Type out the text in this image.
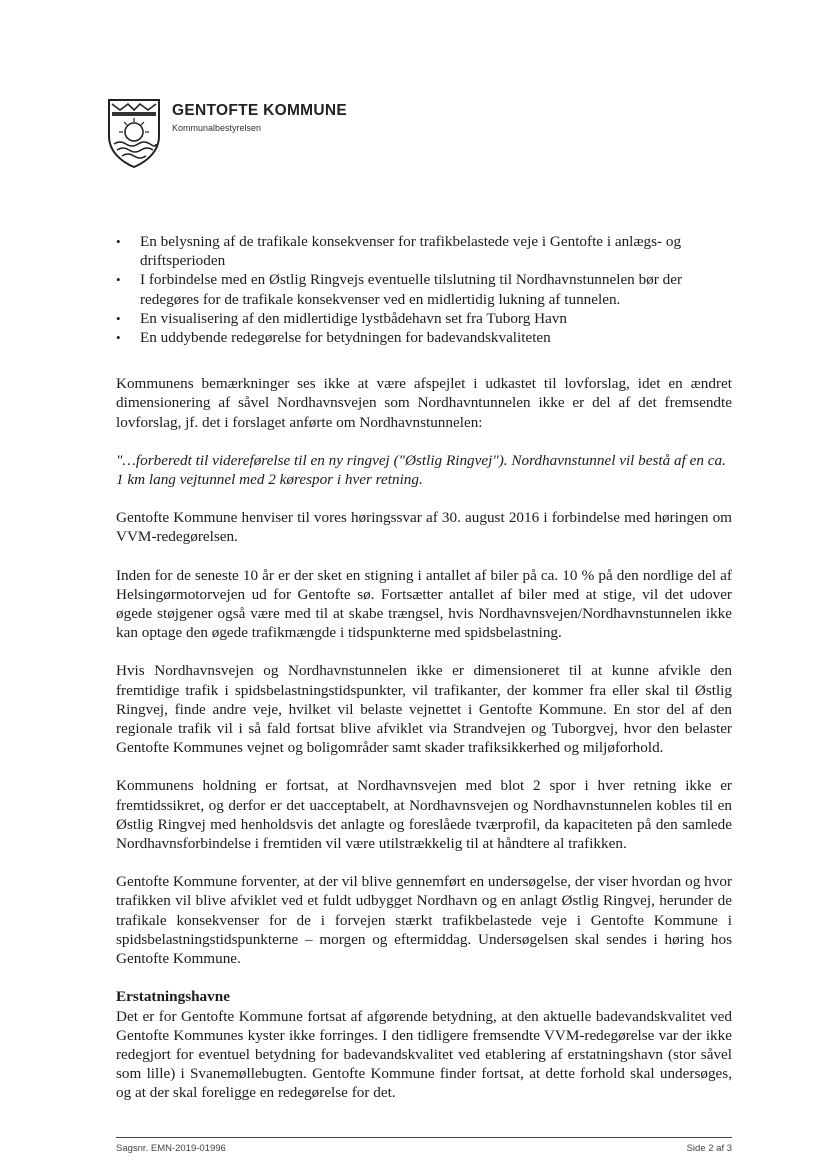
GENTOFTE KOMMUNE
Kommunalbestyrelsen
• En belysning af de trafikale konsekvenser for trafikbelastede veje i Gentofte i anlægs- og driftsperioden
• I forbindelse med en Østlig Ringvejs eventuelle tilslutning til Nordhavnstunnelen bør der redegøres for de trafikale konsekvenser ved en midlertidig lukning af tunnelen.
• En visualisering af den midlertidige lystbådehavn set fra Tuborg Havn
• En uddybende redegørelse for betydningen for badevandskvaliteten

Kommunens bemærkninger ses ikke at være afspejlet i udkastet til lovforslag, idet en ændret dimensionering af såvel Nordhavnsvejen som Nordhavntunnelen ikke er del af det fremsendte lovforslag, jf. det i forslaget anførte om Nordhavnstunnelen:

"…forberedt til videreførelse til en ny ringvej ("Østlig Ringvej"). Nordhavnstunnel vil bestå af en ca. 1 km lang vejtunnel med 2 kørespor i hver retning.

Gentofte Kommune henviser til vores høringssvar af 30. august 2016 i forbindelse med høringen om VVM-redegørelsen.

Inden for de seneste 10 år er der sket en stigning i antallet af biler på ca. 10 % på den nordlige del af Helsingørmotorvejen ud for Gentofte sø. Fortsætter antallet af biler med at stige, vil det udover øgede støjgener også være med til at skabe trængsel, hvis Nordhavnsvejen/Nordhavnstunnelen ikke kan optage den øgede trafikmængde i tidspunkterne med spidsbelastning.

Hvis Nordhavnsvejen og Nordhavnstunnelen ikke er dimensioneret til at kunne afvikle den fremtidige trafik i spidsbelastningstidspunkter, vil trafikanter, der kommer fra eller skal til Østlig Ringvej, finde andre veje, hvilket vil belaste vejnettet i Gentofte Kommune. En stor del af den regionale trafik vil i så fald fortsat blive afviklet via Strandvejen og Tuborgvej, hvor den belaster Gentofte Kommunes vejnet og boligområder samt skader trafiksikkerhed og miljøforhold.

Kommunens holdning er fortsat, at Nordhavnsvejen med blot 2 spor i hver retning ikke er fremtidssikret, og derfor er det uacceptabelt, at Nordhavnsvejen og Nordhavnstunnelen kobles til en Østlig Ringvej med henholdsvis det anlagte og foreslåede tværprofil, da kapaciteten på den samlede Nordhavnsforbindelse i fremtiden vil være utilstrækkelig til at håndtere al trafikken.

Gentofte Kommune forventer, at der vil blive gennemført en undersøgelse, der viser hvordan og hvor trafikken vil blive afviklet ved et fuldt udbygget Nordhavn og en anlagt Østlig Ringvej, herunder de trafikale konsekvenser for de i forvejen stærkt trafikbelastede veje i Gentofte Kommune i spidsbelastningstidspunkterne – morgen og eftermiddag. Undersøgelsen skal sendes i høring hos Gentofte Kommune.

Erstatningshavne

Det er for Gentofte Kommune fortsat af afgørende betydning, at den aktuelle badevandskvalitet ved Gentofte Kommunes kyster ikke forringes. I den tidligere fremsendte VVM-redegørelse var der ikke redegjort for eventuel betydning for badevandskvalitet ved etablering af erstatningshavn (stor såvel som lille) i Svanemøllebugten. Gentofte Kommune finder fortsat, at dette forhold skal undersøges, og at der skal foreligge en redegørelse for det.

Sagsnr. EMN-2019-01996	Side 2 af 3
